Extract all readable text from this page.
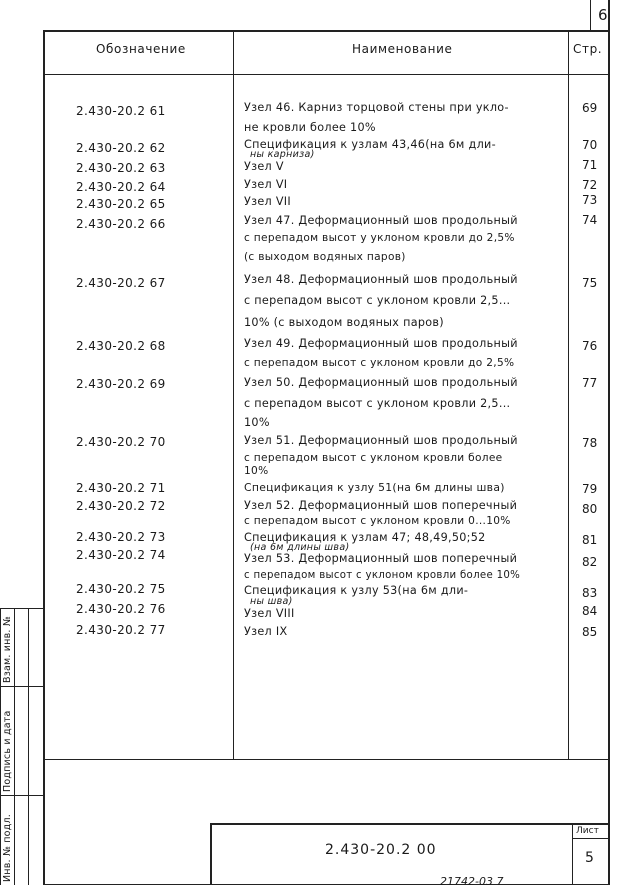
Взам. инв. №
Подпись и дата
Инв. № подл.
6
Обозначение	Наименование	Стр.
2.430-20.2 61
2.430-20.2 62
2.430-20.2 63
2.430-20.2 64
2.430-20.2 65
2.430-20.2 66
2.430-20.2 67
2.430-20.2 68
2.430-20.2 69
2.430-20.2 70
2.430-20.2 71
2.430-20.2 72
2.430-20.2 73
2.430-20.2 74
2.430-20.2 75
2.430-20.2 76
2.430-20.2 77
Узел 46. Карниз торцовой стены при укло-
не кровли более 10%
Спецификация к узлам 43,46(на 6м дли-
ны карниза)
Узел V
Узел VI
Узел VII
Узел 47. Деформационный шов продольный
с перепадом высот у уклоном кровли до 2,5%
(с выходом водяных паров)
Узел 48. Деформационный шов продольный
с перепадом высот с уклоном кровли 2,5...
10% (с выходом водяных паров)
Узел 49. Деформационный шов продольный
с перепадом высот с уклоном кровли до 2,5%
Узел 50. Деформационный шов продольный
с перепадом высот с уклоном кровли 2,5...
10%
Узел 51. Деформационный шов продольный
с перепадом высот с уклоном кровли более
10%
Спецификация к узлу 51(на 6м длины шва)
Узел 52. Деформационный шов поперечный
с перепадом высот с уклоном кровли 0...10%
Спецификация к узлам 47; 48,49,50;52
(на 6м длины шва)
Узел 53. Деформационный шов поперечный
с перепадом высот с уклоном кровли более 10%
Спецификация к узлу 53(на 6м дли-
ны шва)
Узел VIII
Узел IX
69
70
71
72
73
74
75
76
77
78
79
80
81
82
83
84
85
2.430-20.2 00
Лист
5
21742-03 7
